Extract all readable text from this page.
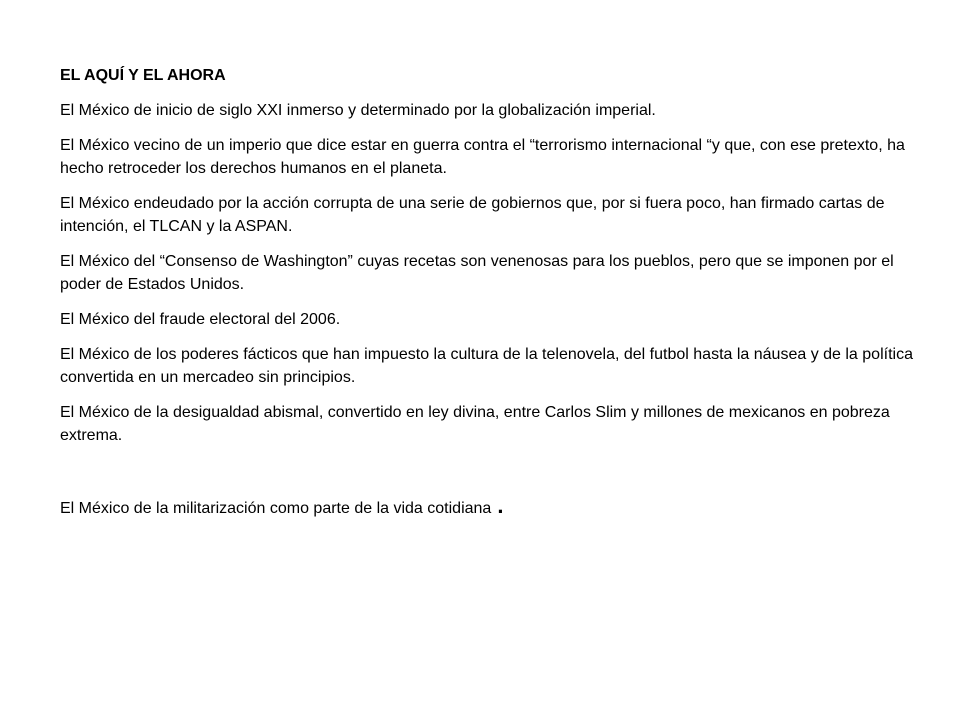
EL AQUÍ Y EL AHORA

El México de inicio de siglo XXI inmerso y determinado por la globalización imperial.

El México vecino de un imperio que dice estar en guerra contra el “terrorismo internacional “y que, con ese pretexto, ha hecho retroceder los derechos humanos en el planeta.

El México endeudado por la acción corrupta de una serie de gobiernos que, por si fuera poco, han firmado cartas de intención, el TLCAN y la ASPAN.

El México del “Consenso de Washington” cuyas recetas son venenosas para los pueblos, pero que se imponen por el poder de Estados Unidos.

El México del fraude electoral del 2006.

El México de los poderes fácticos que han impuesto la cultura de la telenovela, del futbol hasta la náusea y de la política convertida en un mercadeo sin principios.

El México de la desigualdad abismal, convertido en ley divina, entre Carlos Slim y millones de mexicanos en pobreza extrema.

El México de la militarización como parte de la vida cotidiana .
